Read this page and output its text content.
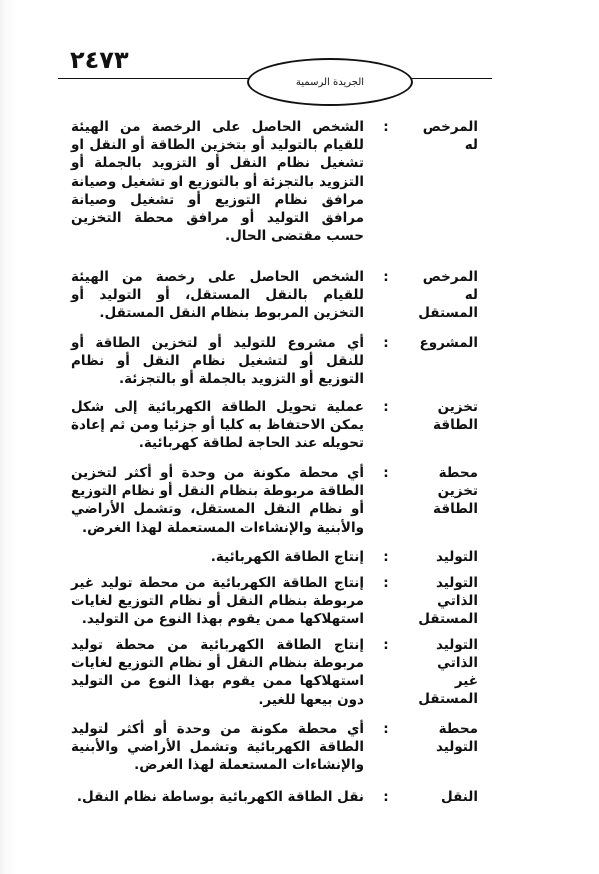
٢٤٧٣
الجريدة الرسمية
المرخص له
:
الشخص الحاصل على الرخصة من الهيئة للقيام بالتوليد أو بتخزين الطاقة أو النقل او تشغيل نظام النقل أو التزويد بالجملة أو التزويد بالتجزئة أو بالتوزيع او تشغيل وصيانة مرافق نظام التوزيع أو تشغيل وصيانة مرافق التوليد أو مرافق محطة التخزين حسب مقتضى الحال.
المرخص له المستقل
:
الشخص الحاصل على رخصة من الهيئة للقيام بالنقل المستقل، أو التوليد أو التخزين المربوط بنظام النقل المستقل.
المشروع
:
أي مشروع للتوليد أو لتخزين الطاقة أو للنقل أو لتشغيل نظام النقل أو نظام التوزيع أو التزويد بالجملة أو بالتجزئة.
تخزين الطاقة
:
عملية تحويل الطاقة الكهربائية إلى شكل يمكن الاحتفاظ به كليا أو جزئيا ومن ثم إعادة تحويله عند الحاجة لطاقة كهربائية.
محطة تخزين الطاقة
:
أي محطة مكونة من وحدة أو أكثر لتخزين الطاقة مربوطة بنظام النقل أو نظام التوزيع أو نظام النقل المستقل، وتشمل الأراضي والأبنية والإنشاءات المستعملة لهذا الغرض.
التوليد
:
إنتاج الطاقة الكهربائية.
التوليد الذاتي المستقل
:
إنتاج الطاقة الكهربائية من محطة توليد غير مربوطة بنظام النقل أو نظام التوزيع لغايات استهلاكها ممن يقوم بهذا النوع من التوليد.
التوليد الذاتي غير المستقل
:
إنتاج الطاقة الكهربائية من محطة توليد مربوطة بنظام النقل أو نظام التوزيع لغايات استهلاكها ممن يقوم بهذا النوع من التوليد دون بيعها للغير.
محطة التوليد
:
أي محطة مكونة من وحدة أو أكثر لتوليد الطاقة الكهربائية وتشمل الأراضي والأبنية والإنشاءات المستعملة لهذا الغرض.
النقل
:
نقل الطاقة الكهربائية بوساطة نظام النقل.
